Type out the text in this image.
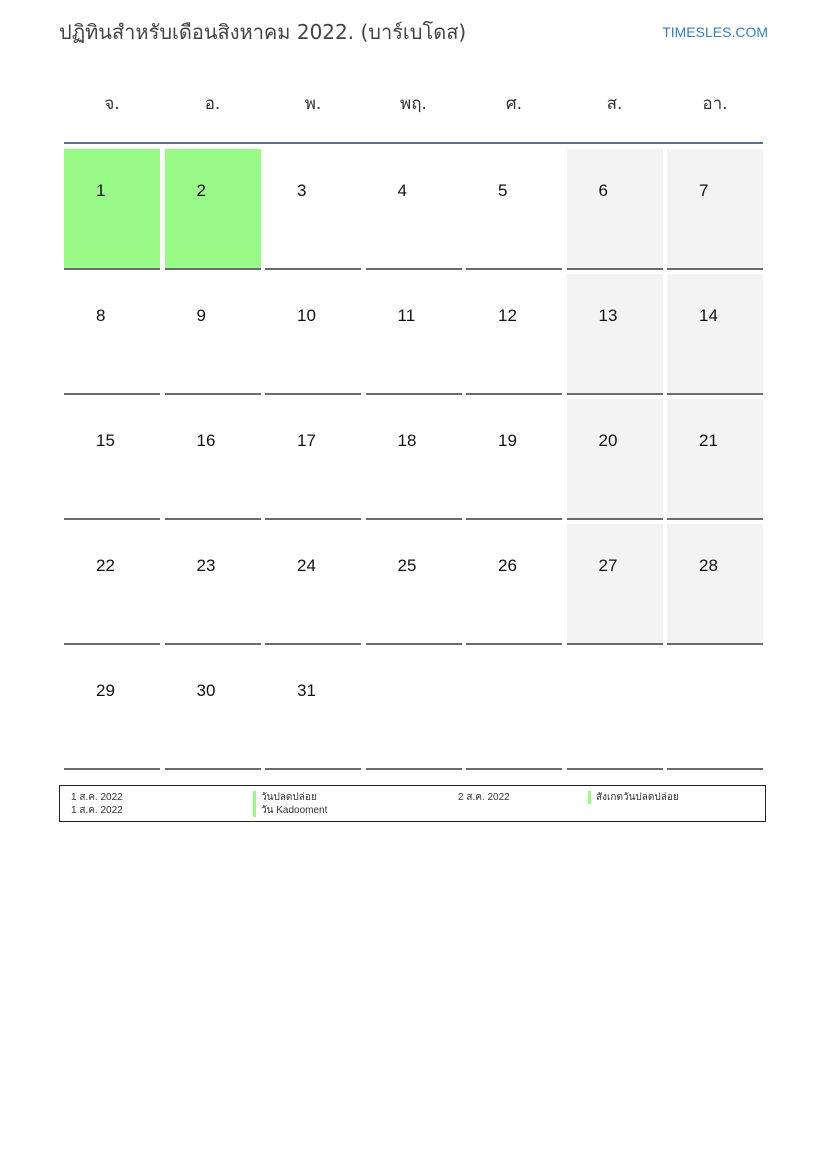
ปฏิทินสำหรับเดือนสิงหาคม 2022. (บาร์เบโดส)	TIMESLES.COM
จ.	อ.	พ.	พฤ.	ศ.	ส.	อา.
1	2	3	4	5	6	7
8	9	10	11	12	13	14
15	16	17	18	19	20	21
22	23	24	25	26	27	28
29	30	31
1 ส.ค. 2022	วันปลดปล่อย
1 ส.ค. 2022	วัน Kadooment
2 ส.ค. 2022	สังเกตวันปลดปล่อย
